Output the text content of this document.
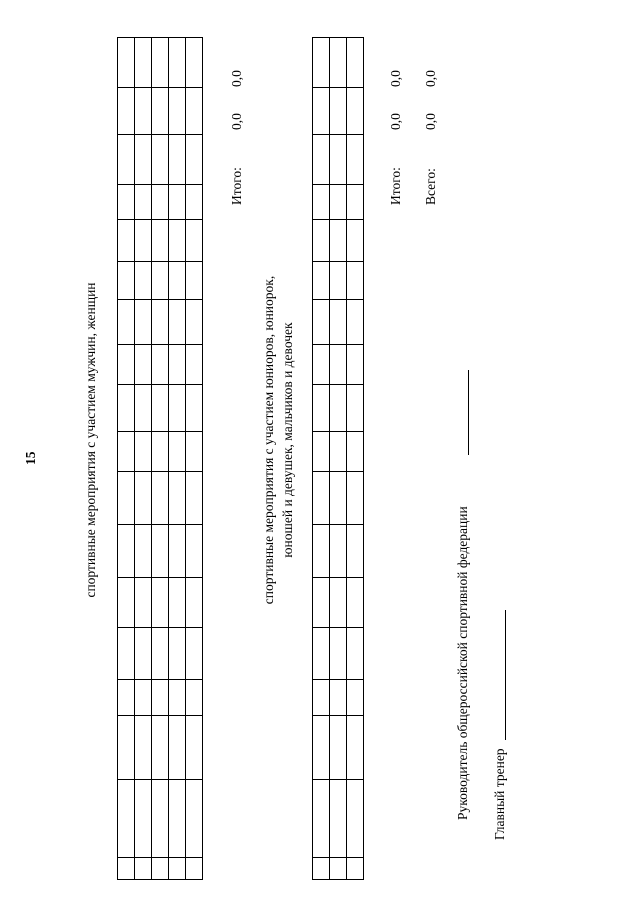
15	спортивные мероприятия с участием мужчин, женщин

Итого:
0,0
0,0
спортивные мероприятия с участием юниоров, юниорок, юношей и девушек, мальчиков и девочек

Итого:
0,0
0,0
Всего:
0,0
0,0
Руководитель общероссийской спортивной федерации Главный тренер
